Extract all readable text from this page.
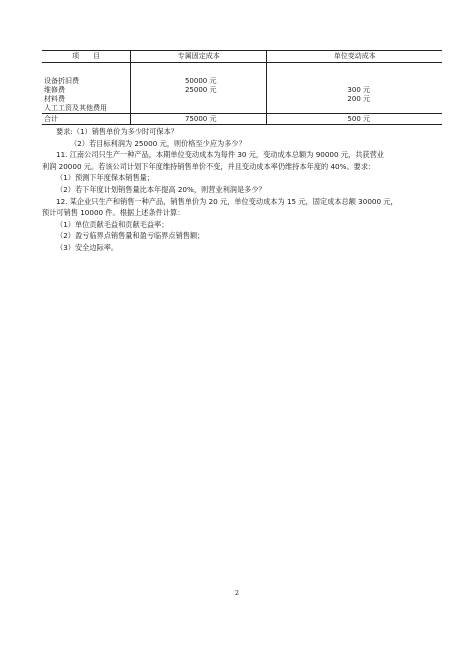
项　　目	专属固定成本	单位变动成本
设备折旧费	50000 元	
维修费	25000 元	300 元
材料费		200 元
人工工资及其他费用		
合计	75000 元	500 元

要求:（1）销售单价为多少时可保本？

（2）若目标利润为 25000 元，则价格至少应为多少？

11. 江南公司只生产一种产品，本期单位变动成本为每件 30 元，变动成本总额为 90000 元，共获营业

利润 20000 元。若该公司计划下年度维持销售单价不变，并且变动成本率仍维持本年度的 40%。要求：

（1）预测下年度保本销售量；

（2）若下年度计划销售量比本年提高 20%，则营业利润是多少？

12. 某企业只生产和销售一种产品，销售单价为 20 元，单位变动成本为 15 元，固定成本总额 30000 元，

预计可销售 10000 件。根据上述条件计算：

（1）单位贡献毛益和贡献毛益率；

（2）盈亏临界点销售量和盈亏临界点销售额；

（3）安全边际率。

2
